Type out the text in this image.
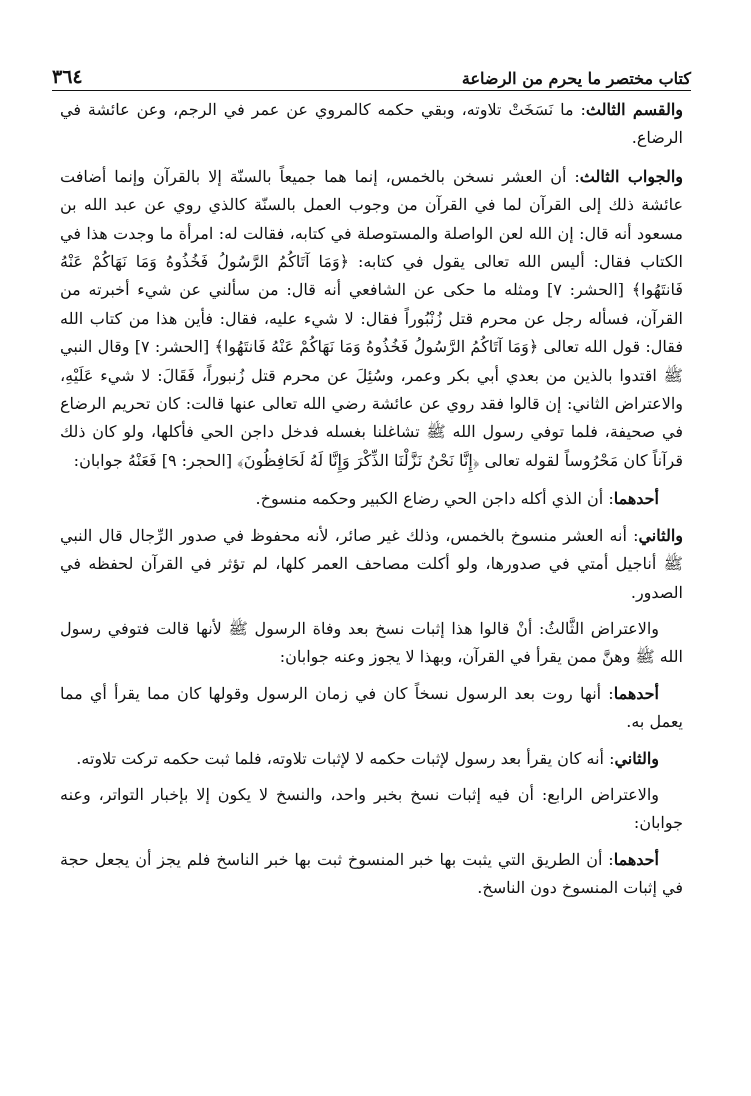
كتاب مختصر ما يحرم من الرضاعة
٣٦٤

والقسم الثالث: ما نَسَخَتْ تلاوته، وبقي حكمه كالمروي عن عمر في الرجم، وعن عائشة في الرضاع.

والجواب الثالث: أن العشر نسخن بالخمس، إنما هما جميعاً بالسنّة إلا بالقرآن وإنما أضافت عائشة ذلك إلى القرآن لما في القرآن من وجوب العمل بالسنّة كالذي روي عن عبد الله بن مسعود أنه قال: إن الله لعن الواصلة والمستوصلة في كتابه، فقالت له: امرأة ما وجدت هذا في الكتاب فقال: أليس الله تعالى يقول في كتابه: ﴿وَمَا آتَاكُمُ الرَّسُولُ فَخُذُوهُ وَمَا نَهَاكُمْ عَنْهُ فَانتَهُوا﴾ [الحشر: ٧] ومثله ما حكى عن الشافعي أنه قال: من سألني عن شيء أخبرته من القرآن، فسأله رجل عن محرم قتل زُنْبُوراً فقال: لا شيء عليه، فقال: فأين هذا من كتاب الله فقال: قول الله تعالى ﴿وَمَا آتَاكُمُ الرَّسُولُ فَخُذُوهُ وَمَا نَهَاكُمْ عَنْهُ فَانتَهُوا﴾ [الحشر: ٧] وقال النبي ﷺ اقتدوا بالذين من بعدي أبي بكر وعمر، وسُئِلَ عن محرم قتل زُنبوراً، فَقَالَ: لا شيء عَلَيْهِ، والاعتراض الثاني: إن قالوا فقد روي عن عائشة رضي الله تعالى عنها قالت: كان تحريم الرضاع في صحيفة، فلما توفي رسول الله ﷺ تشاغلنا بغسله فدخل داجن الحي فأكلها، ولو كان ذلك قرآناً كان مَحْرُوساً لقوله تعالى ﴿إِنَّا نَحْنُ نَزَّلْنَا الذِّكْرَ وَإِنَّا لَهُ لَحَافِظُونَ﴾ [الحجر: ٩] فَعَنْهُ جوابان:

أحدهما: أن الذي أكله داجن الحي رضاع الكبير وحكمه منسوخ.

والثاني: أنه العشر منسوخ بالخمس، وذلك غير صائر، لأنه محفوظ في صدور الرِّجال قال النبي ﷺ أناجيل أمتي في صدورها، ولو أكلت مصاحف العمر كلها، لم تؤثر في القرآن لحفظه في الصدور.

والاعتراض الثَّالثُ: أنْ قالوا هذا إثبات نسخ بعد وفاة الرسول ﷺ لأنها قالت فتوفي رسول الله ﷺ وهنَّ ممن يقرأ في القرآن، وبهذا لا يجوز وعنه جوابان:

أحدهما: أنها روت بعد الرسول نسخاً كان في زمان الرسول وقولها كان مما يقرأ أي مما يعمل به.

والثاني: أنه كان يقرأ بعد رسول لإثبات حكمه لا لإثبات تلاوته، فلما ثبت حكمه تركت تلاوته.

والاعتراض الرابع: أن فيه إثبات نسخ بخبر واحد، والنسخ لا يكون إلا بإخبار التواتر، وعنه جوابان:

أحدهما: أن الطريق التي يثبت بها خبر المنسوخ ثبت بها خبر الناسخ فلم يجز أن يجعل حجة في إثبات المنسوخ دون الناسخ.
